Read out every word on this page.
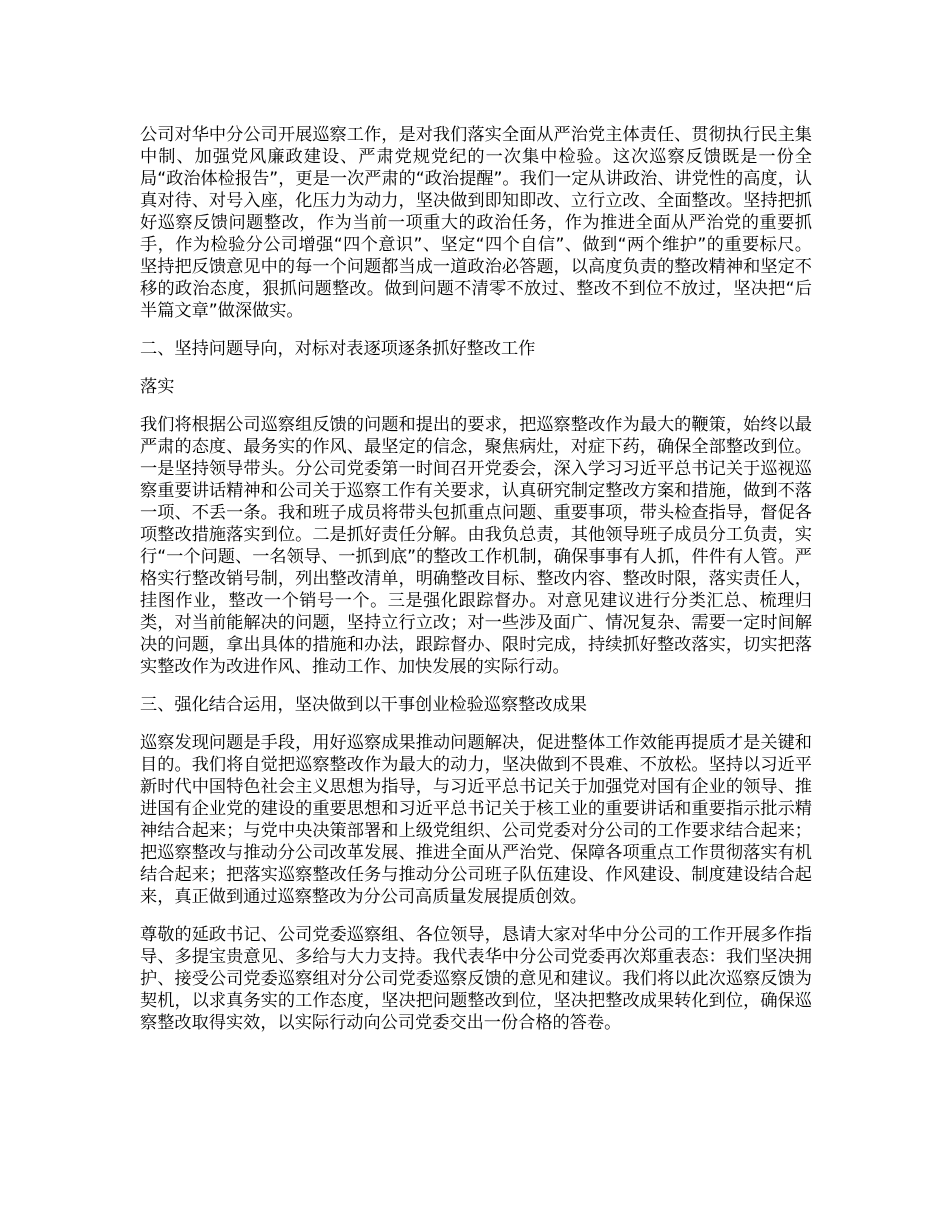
公司对华中分公司开展巡察工作，是对我们落实全面从严治党主体责任、贯彻执行民主集中制、加强党风廉政建设、严肃党规党纪的一次集中检验。这次巡察反馈既是一份全局“政治体检报告”，更是一次严肃的“政治提醒”。我们一定从讲政治、讲党性的高度，认真对待、对号入座，化压力为动力，坚决做到即知即改、立行立改、全面整改。坚持把抓好巡察反馈问题整改，作为当前一项重大的政治任务，作为推进全面从严治党的重要抓手，作为检验分公司增强“四个意识”、坚定“四个自信”、做到“两个维护”的重要标尺。坚持把反馈意见中的每一个问题都当成一道政治必答题，以高度负责的整改精神和坚定不移的政治态度，狠抓问题整改。做到问题不清零不放过、整改不到位不放过，坚决把“后半篇文章”做深做实。

二、坚持问题导向，对标对表逐项逐条抓好整改工作

落实

我们将根据公司巡察组反馈的问题和提出的要求，把巡察整改作为最大的鞭策，始终以最严肃的态度、最务实的作风、最坚定的信念，聚焦病灶，对症下药，确保全部整改到位。一是坚持领导带头。分公司党委第一时间召开党委会，深入学习习近平总书记关于巡视巡察重要讲话精神和公司关于巡察工作有关要求，认真研究制定整改方案和措施，做到不落一项、不丢一条。我和班子成员将带头包抓重点问题、重要事项，带头检查指导，督促各项整改措施落实到位。二是抓好责任分解。由我负总责，其他领导班子成员分工负责，实行“一个问题、一名领导、一抓到底”的整改工作机制，确保事事有人抓，件件有人管。严格实行整改销号制，列出整改清单，明确整改目标、整改内容、整改时限，落实责任人，挂图作业，整改一个销号一个。三是强化跟踪督办。对意见建议进行分类汇总、梳理归类，对当前能解决的问题，坚持立行立改；对一些涉及面广、情况复杂、需要一定时间解决的问题，拿出具体的措施和办法，跟踪督办、限时完成，持续抓好整改落实，切实把落实整改作为改进作风、推动工作、加快发展的实际行动。

三、强化结合运用，坚决做到以干事创业检验巡察整改成果

巡察发现问题是手段，用好巡察成果推动问题解决，促进整体工作效能再提质才是关键和目的。我们将自觉把巡察整改作为最大的动力，坚决做到不畏难、不放松。坚持以习近平新时代中国特色社会主义思想为指导，与习近平总书记关于加强党对国有企业的领导、推进国有企业党的建设的重要思想和习近平总书记关于核工业的重要讲话和重要指示批示精神结合起来；与党中央决策部署和上级党组织、公司党委对分公司的工作要求结合起来；把巡察整改与推动分公司改革发展、推进全面从严治党、保障各项重点工作贯彻落实有机结合起来；把落实巡察整改任务与推动分公司班子队伍建设、作风建设、制度建设结合起来，真正做到通过巡察整改为分公司高质量发展提质创效。

尊敬的延政书记、公司党委巡察组、各位领导，恳请大家对华中分公司的工作开展多作指导、多提宝贵意见、多给与大力支持。我代表华中分公司党委再次郑重表态：我们坚决拥护、接受公司党委巡察组对分公司党委巡察反馈的意见和建议。我们将以此次巡察反馈为契机，以求真务实的工作态度，坚决把问题整改到位，坚决把整改成果转化到位，确保巡察整改取得实效，以实际行动向公司党委交出一份合格的答卷。
